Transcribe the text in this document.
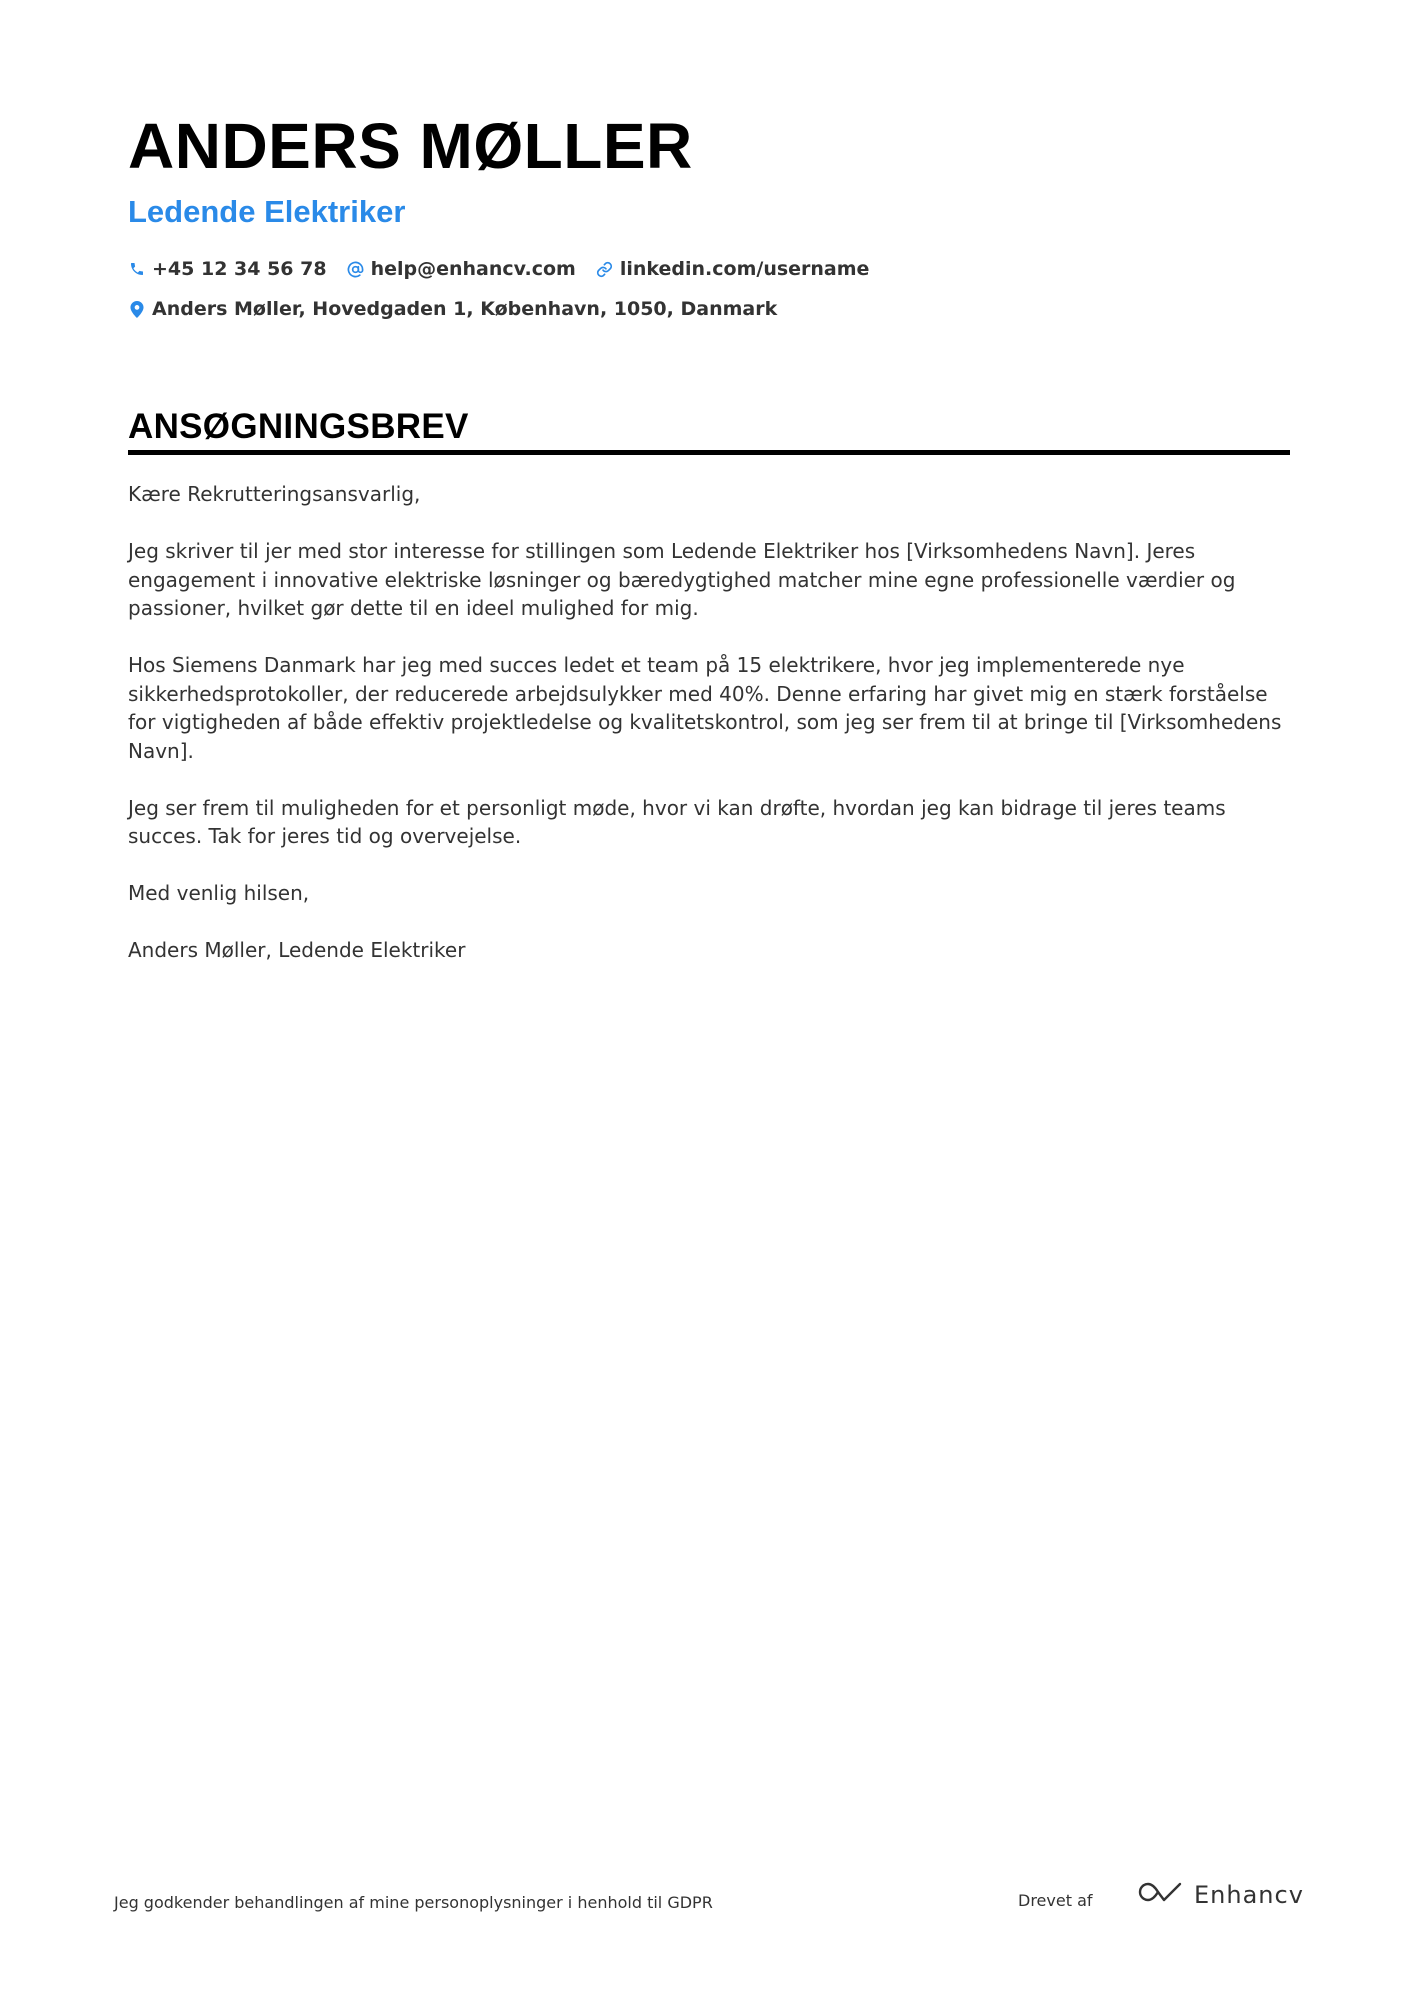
ANDERS MØLLER
Ledende Elektriker
+45 12 34 56 78 help@enhancv.com linkedin.com/username
Anders Møller, Hovedgaden 1, København, 1050, Danmark
ANSØGNINGSBREV

Kære Rekrutteringsansvarlig,

Jeg skriver til jer med stor interesse for stillingen som Ledende Elektriker hos [Virksomhedens Navn]. Jeres engagement i innovative elektriske løsninger og bæredygtighed matcher mine egne professionelle værdier og passioner, hvilket gør dette til en ideel mulighed for mig.

Hos Siemens Danmark har jeg med succes ledet et team på 15 elektrikere, hvor jeg implementerede nye sikkerhedsprotokoller, der reducerede arbejdsulykker med 40%. Denne erfaring har givet mig en stærk forståelse for vigtigheden af både effektiv projektledelse og kvalitetskontrol, som jeg ser frem til at bringe til [Virksomhedens Navn].

Jeg ser frem til muligheden for et personligt møde, hvor vi kan drøfte, hvordan jeg kan bidrage til jeres teams succes. Tak for jeres tid og overvejelse.

Med venlig hilsen,

Anders Møller, Ledende Elektriker

Jeg godkender behandlingen af mine personoplysninger i henhold til GDPR	Drevet af	Enhancv
